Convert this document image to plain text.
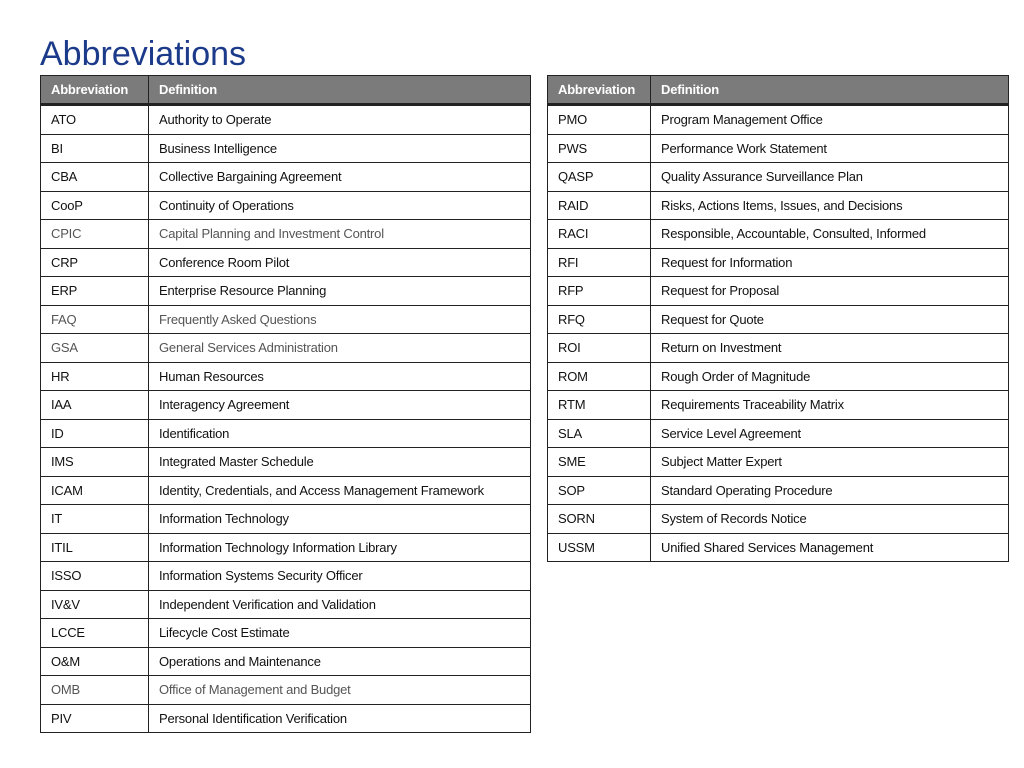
Abbreviations
Abbreviation	Definition
ATO	Authority to Operate
BI	Business Intelligence
CBA	Collective Bargaining Agreement
CooP	Continuity of Operations
CPIC	Capital Planning and Investment Control
CRP	Conference Room Pilot
ERP	Enterprise Resource Planning
FAQ	Frequently Asked Questions
GSA	General Services Administration
HR	Human Resources
IAA	Interagency Agreement
ID	Identification
IMS	Integrated Master Schedule
ICAM	Identity, Credentials, and Access Management Framework
IT	Information Technology
ITIL	Information Technology Information Library
ISSO	Information Systems Security Officer
IV&V	Independent Verification and Validation
LCCE	Lifecycle Cost Estimate
O&M	Operations and Maintenance
OMB	Office of Management and Budget
PIV	Personal Identification Verification
Abbreviation	Definition
PMO	Program Management Office
PWS	Performance Work Statement
QASP	Quality Assurance Surveillance Plan
RAID	Risks, Actions Items, Issues, and Decisions
RACI	Responsible, Accountable, Consulted, Informed
RFI	Request for Information
RFP	Request for Proposal
RFQ	Request for Quote
ROI	Return on Investment
ROM	Rough Order of Magnitude
RTM	Requirements Traceability Matrix
SLA	Service Level Agreement
SME	Subject Matter Expert
SOP	Standard Operating Procedure
SORN	System of Records Notice
USSM	Unified Shared Services Management
